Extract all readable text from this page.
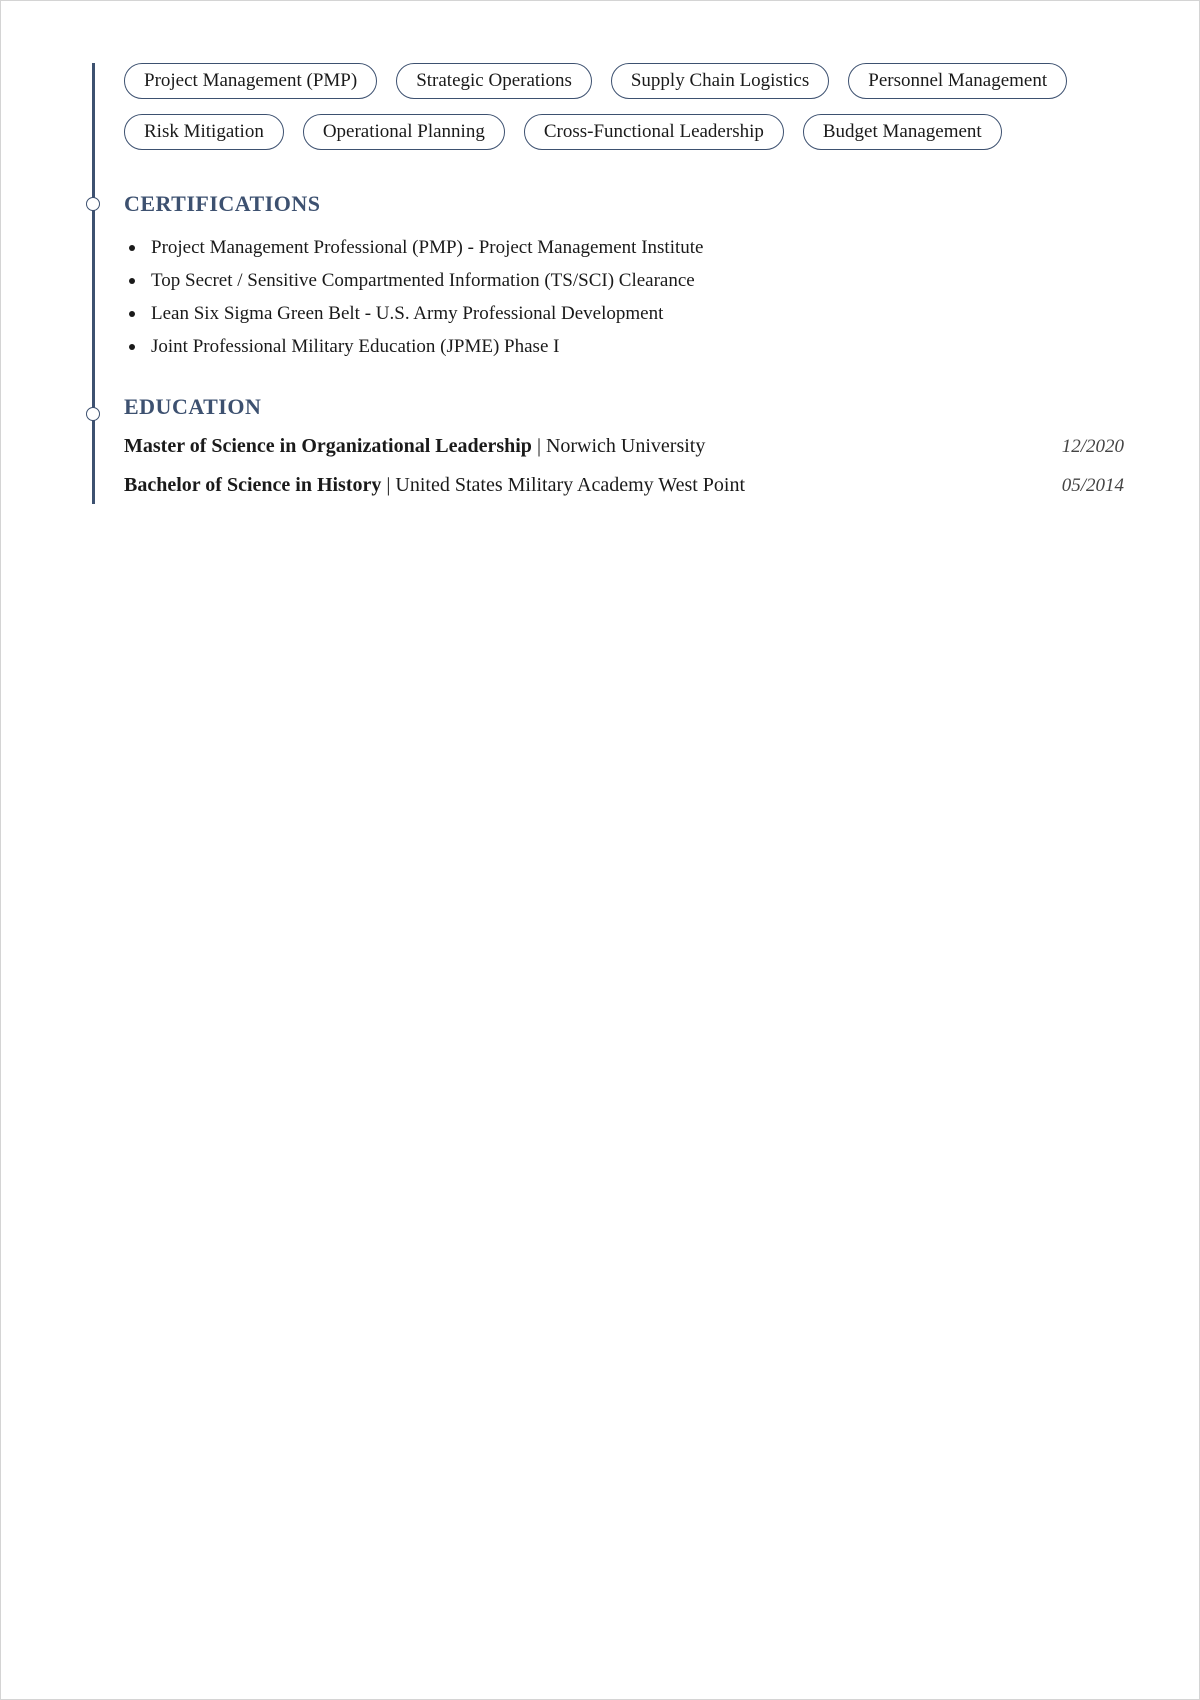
Project Management (PMP)	Strategic Operations	Supply Chain Logistics	Personnel Management
Risk Mitigation	Operational Planning	Cross-Functional Leadership	Budget Management
CERTIFICATIONS
Project Management Professional (PMP) - Project Management Institute
Top Secret / Sensitive Compartmented Information (TS/SCI) Clearance
Lean Six Sigma Green Belt - U.S. Army Professional Development
Joint Professional Military Education (JPME) Phase I
EDUCATION
Master of Science in Organizational Leadership | Norwich University	12/2020
Bachelor of Science in History | United States Military Academy West Point	05/2014
